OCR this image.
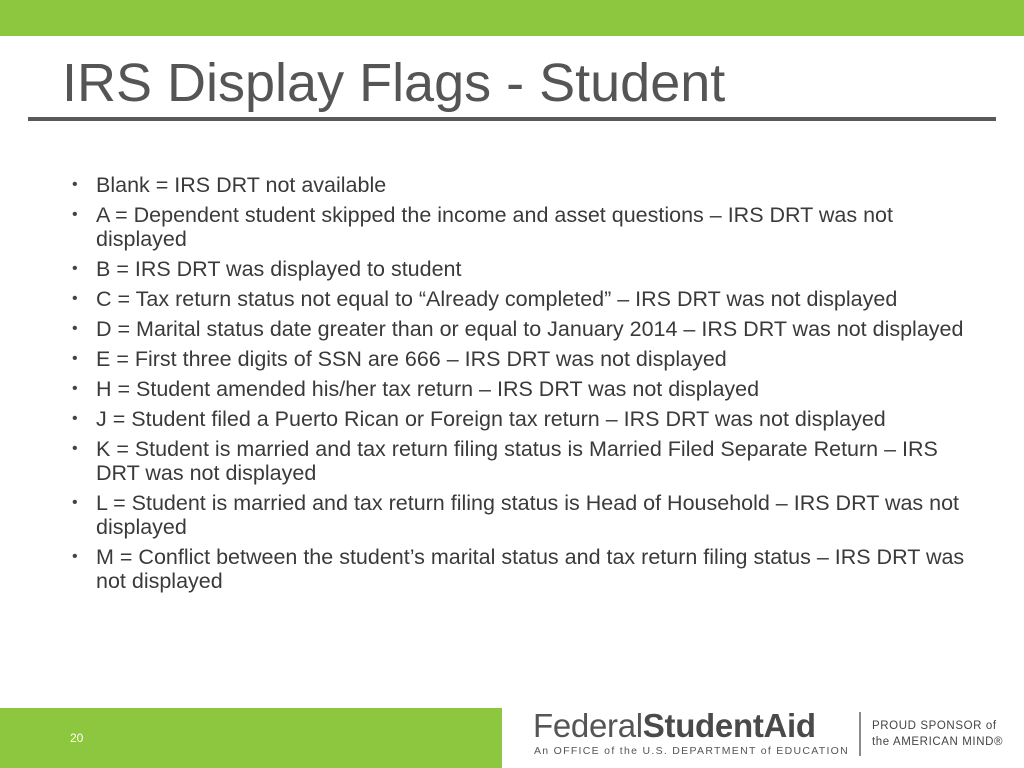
IRS Display Flags - Student
• Blank = IRS DRT not available
• A = Dependent student skipped the income and asset questions – IRS DRT was not displayed
• B = IRS DRT was displayed to student
• C = Tax return status not equal to “Already completed” – IRS DRT was not displayed
• D = Marital status date greater than or equal to January 2014 – IRS DRT was not displayed
• E = First three digits of SSN are 666 – IRS DRT was not displayed
• H = Student amended his/her tax return – IRS DRT was not displayed
• J = Student filed a Puerto Rican or Foreign tax return – IRS DRT was not displayed
• K = Student is married and tax return filing status is Married Filed Separate Return – IRS DRT was not displayed
• L = Student is married and tax return filing status is Head of Household – IRS DRT was not displayed
• M = Conflict between the student’s marital status and tax return filing status – IRS DRT was not displayed
20	FederalStudentAid
An OFFICE of the U.S. DEPARTMENT of EDUCATION
PROUD SPONSOR of
the AMERICAN MIND®
